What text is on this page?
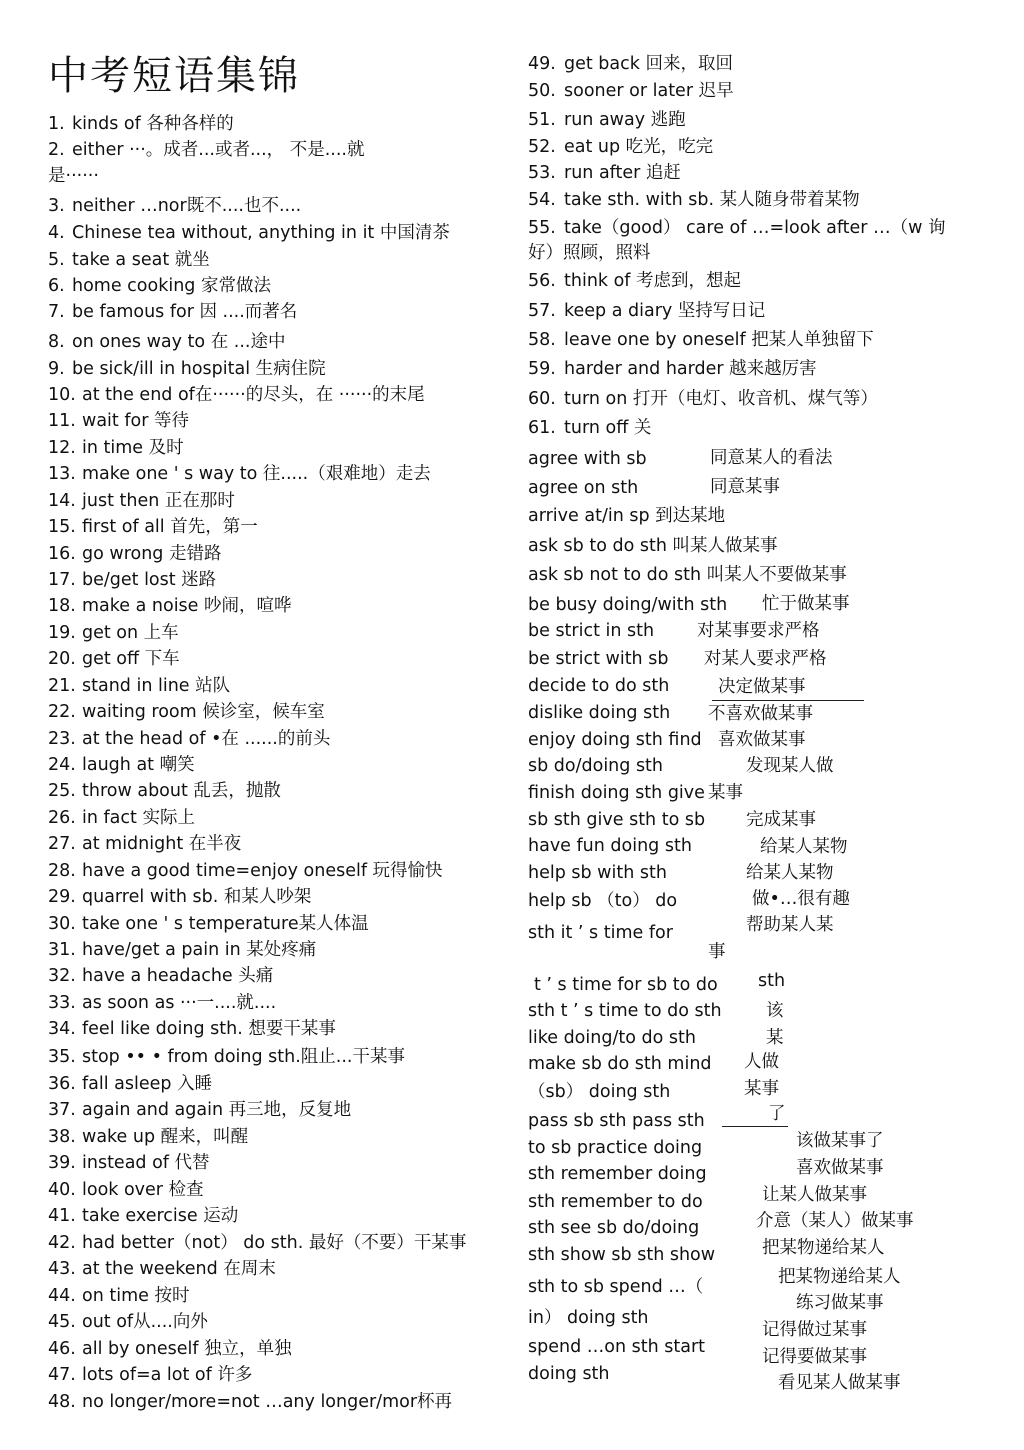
中考短语集锦
1. kinds of 各种各样的
2. either ···。成者...或者...， 不是....就
是······
3. neither …nor既不....也不....
4. Chinese tea without, anything in it 中国清茶
5. take a seat 就坐
6. home cooking 家常做法
7. be famous for 因 ....而著名
8. on ones way to 在 ...途中
9. be sick/ill in hospital 生病住院
10. at the end of在······的尽头，在 ······的末尾
11. wait for 等待
12. in time 及时
13. make one ' s way to 往.....（艰难地）走去
14. just then 正在那时
15. first of all 首先，第一
16. go wrong 走错路
17. be/get lost 迷路
18. make a noise 吵闹，喧哗
19. get on 上车
20. get off 下车
21. stand in line 站队
22. waiting room 候诊室，候车室
23. at the head of •在 ......的前头
24. laugh at 嘲笑
25. throw about 乱丢，抛散
26. in fact 实际上
27. at midnight 在半夜
28. have a good time=enjoy oneself 玩得愉快
29. quarrel with sb. 和某人吵架
30. take one ' s temperature某人体温
31. have/get a pain in 某处疼痛
32. have a headache 头痛
33. as soon as ···一....就....
34. feel like doing sth. 想要干某事
35. stop •• • from doing sth.阻止...干某事
36. fall asleep 入睡
37. again and again 再三地，反复地
38. wake up 醒来，叫醒
39. instead of 代替
40. look over 检查
41. take exercise 运动
42. had better（not） do sth. 最好（不要）干某事
43. at the weekend 在周末
44. on time 按时
45. out of从....向外
46. all by oneself 独立，单独
47. lots of=a lot of 许多
48. no longer/more=not …any longer/mor杯再
49. get back 回来，取回
50. sooner or later 迟早
51. run away 逃跑
52. eat up 吃光，吃完
53. run after 追赶
54. take sth. with sb. 某人随身带着某物
55. take（good） care of …=look after …（w 询
好）照顾，照料
56. think of 考虑到，想起
57. keep a diary 坚持写日记
58. leave one by oneself 把某人单独留下
59. harder and harder 越来越厉害
60. turn on 打开（电灯、收音机、煤气等）
61. turn off 关
agree with sb
agree on sth
arrive at/in sp 到达某地
ask sb to do sth 叫某人做某事
ask sb not to do sth 叫某人不要做某事
be busy doing/with sth
be strict in sth
be strict with sb
decide to do sth
dislike doing sth
enjoy doing sth find
sb do/doing sth
finish doing sth give
sb sth give sth to sb
have fun doing sth
help sb with sth
help sb （to） do
sth it ’ s time for
t ’ s time for sb to do
sth t ’ s time to do sth
like doing/to do sth
make sb do sth mind
（sb） doing sth
pass sb sth pass sth
to sb practice doing
sth remember doing
sth remember to do
sth see sb do/doing
sth show sb sth show
sth to sb spend …（
in） doing sth
spend …on sth start
doing sth
同意某人的看法
同意某事
忙于做某事
对某事要求严格
对某人要求严格
决定做某事
不喜欢做某事
喜欢做某事
发现某人做
某事
完成某事
给某人某物
给某人某物
做•…很有趣
帮助某人某
事
sth
该
某
人做
某事
了
该做某事了
喜欢做某事
让某人做某事
介意（某人）做某事
把某物递给某人
把某物递给某人
练习做某事
记得做过某事
记得要做某事
看见某人做某事
